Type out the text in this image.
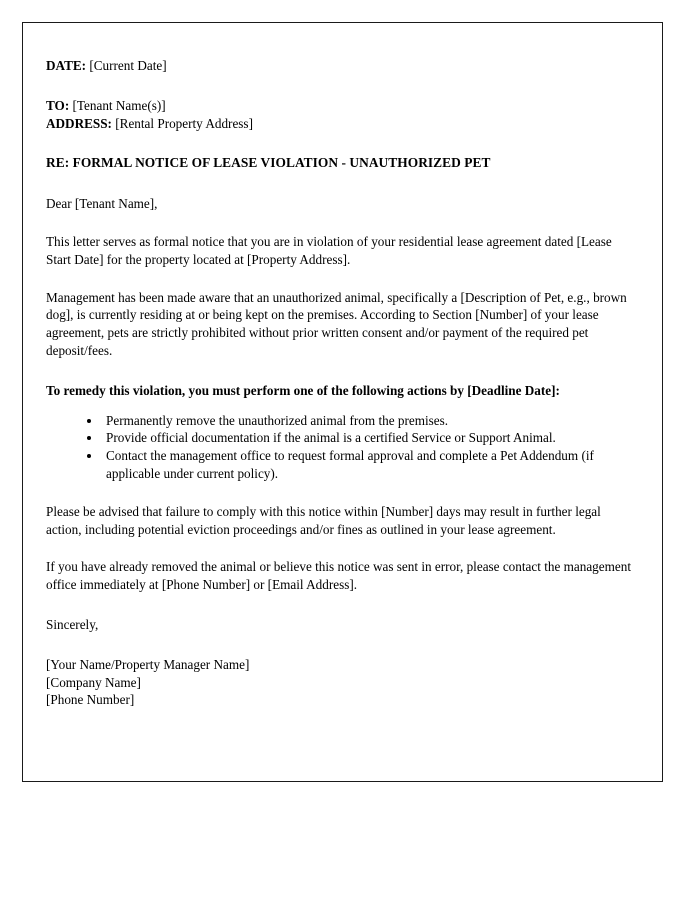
DATE: [Current Date]
TO: [Tenant Name(s)]
ADDRESS: [Rental Property Address]
RE: FORMAL NOTICE OF LEASE VIOLATION - UNAUTHORIZED PET
Dear [Tenant Name],

This letter serves as formal notice that you are in violation of your residential lease agreement dated [Lease Start Date] for the property located at [Property Address].

Management has been made aware that an unauthorized animal, specifically a [Description of Pet, e.g., brown dog], is currently residing at or being kept on the premises. According to Section [Number] of your lease agreement, pets are strictly prohibited without prior written consent and/or payment of the required pet deposit/fees.

To remedy this violation, you must perform one of the following actions by [Deadline Date]:
• Permanently remove the unauthorized animal from the premises.
• Provide official documentation if the animal is a certified Service or Support Animal.
• Contact the management office to request formal approval and complete a Pet Addendum (if applicable under current policy).

Please be advised that failure to comply with this notice within [Number] days may result in further legal action, including potential eviction proceedings and/or fines as outlined in your lease agreement.

If you have already removed the animal or believe this notice was sent in error, please contact the management office immediately at [Phone Number] or [Email Address].

Sincerely,
[Your Name/Property Manager Name]
[Company Name]
[Phone Number]
